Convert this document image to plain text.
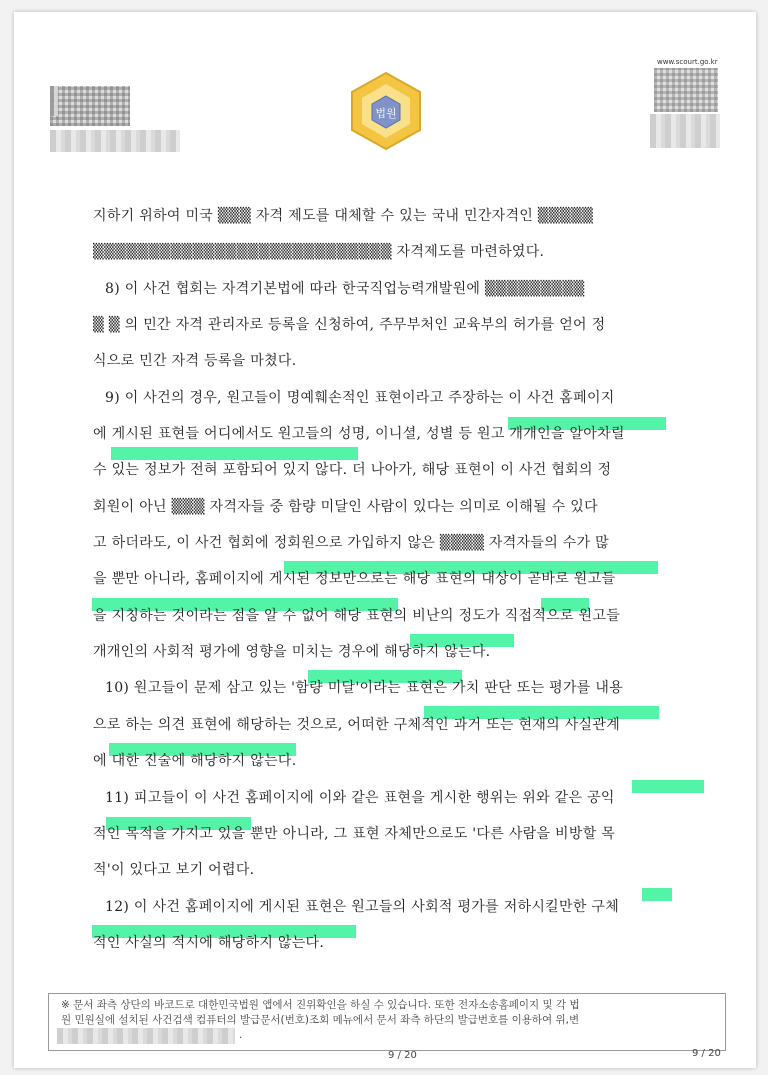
법원
www.scourt.go.kr
지하기 위하여 미국 ▒▒▒ 자격 제도를 대체할 수 있는 국내 민간자격인 ▒▒▒▒▒
▒▒▒▒▒▒▒▒▒▒▒▒▒▒▒▒▒▒▒▒▒▒▒▒▒▒▒ 자격제도를 마련하였다.
8) 이 사건 협회는 자격기본법에 따라 한국직업능력개발원에 ▒▒▒▒▒▒▒▒▒
▒ ▒ 의 민간 자격 관리자로 등록을 신청하여, 주무부처인 교육부의 허가를 얻어 정
식으로 민간 자격 등록을 마쳤다.
9) 이 사건의 경우, 원고들이 명예훼손적인 표현이라고 주장하는 이 사건 홈페이지
에 게시된 표현들 어디에서도 원고들의 성명, 이니셜, 성별 등 원고 개개인을 알아차릴
수 있는 정보가 전혀 포함되어 있지 않다. 더 나아가, 해당 표현이 이 사건 협회의 정
회원이 아닌 ▒▒▒ 자격자들 중 함량 미달인 사람이 있다는 의미로 이해될 수 있다
고 하더라도, 이 사건 협회에 정회원으로 가입하지 않은 ▒▒▒▒ 자격자들의 수가 많
을 뿐만 아니라, 홈페이지에 게시된 정보만으로는 해당 표현의 대상이 곧바로 원고들
을 지칭하는 것이라는 점을 알 수 없어 해당 표현의 비난의 정도가 직접적으로 원고들
개개인의 사회적 평가에 영향을 미치는 경우에 해당하지 않는다.
10) 원고들이 문제 삼고 있는 '함량 미달'이라는 표현은 가치 판단 또는 평가를 내용
으로 하는 의견 표현에 해당하는 것으로, 어떠한 구체적인 과거 또는 현재의 사실관계
에 대한 진술에 해당하지 않는다.
11) 피고들이 이 사건 홈페이지에 이와 같은 표현을 게시한 행위는 위와 같은 공익
적인 목적을 가지고 있을 뿐만 아니라, 그 표현 자체만으로도 '다른 사람을 비방할 목
적'이 있다고 보기 어렵다.
12) 이 사건 홈페이지에 게시된 표현은 원고들의 사회적 평가를 저하시킬만한 구체
적인 사실의 적시에 해당하지 않는다.
※ 문서 좌측 상단의 바코드로 대한민국법원 앱에서 진위확인을 하실 수 있습니다. 또한 전자소송홈페이지 및 각 법
원 민원실에 설치된 사건검색 컴퓨터의 발급문서(번호)조회 메뉴에서 문서 좌측 하단의 발급번호를 이용하여 위,변
.
9 / 20	9 / 20
